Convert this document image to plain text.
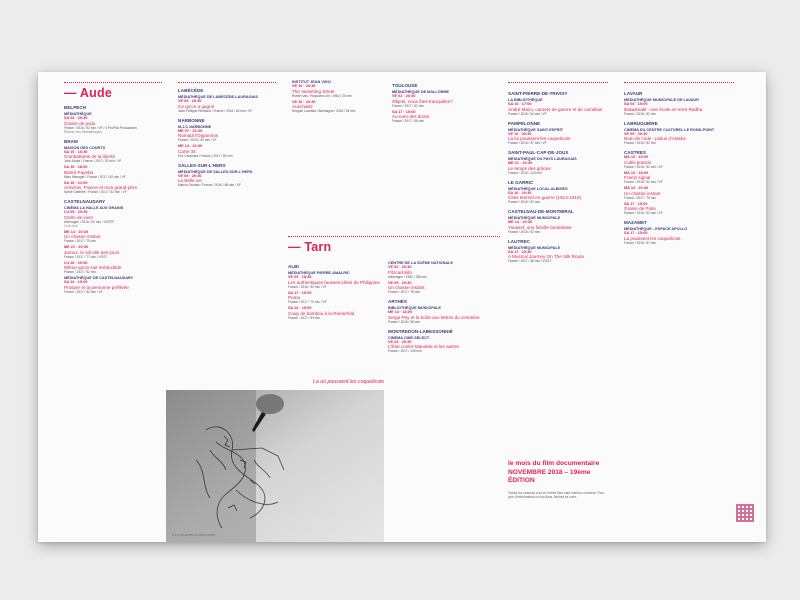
— Aude
BELPECH
MÉDIATHÈQUE
SA 03 · 20:30
Graine de poilu
France / 2016 / 52 min / VF / 4 ProPhic Productions
Réseau des Médiathèques
BRAM
MAISON DES COURTS
SA 10 · 16:30
Combattants de la liberté
José Alcala / France / 2017 / 52 min / VF
SA 10 · 18:00
Bahrè Payeba
Marc Ménager / France / 2017 / 52 min / VF
SA 10 · 21:00
Arménie, France et mon grand-père
Sylvie Gabriele / France / 2017 / 52 min / VF
CASTELNAUDARY
CINÉMA LA HALLE AUX GRAINS
LU 05 · 20:30
Ordre de vivre
Allemagne / 2016 / 92 min / VOSTF
Ciné-club
ME 14 · 20:30
Un chasse instant
France / 2017 / 75 min
ME 21 · 20:30
Jarouz, le sol elle des jours
France / 2017 / 77 min / VOST
LU 26 · 20:30
Même qu'on soit irréductible
France / 2017 / 52 min
MÉDIATHÈQUE DE CASTELNAUDARY
SA 24 · 15:00
Prosper et la personne préférée
France / 2017 / 52 min / VF
LABÉCÈDE
MÉDIATHÈQUE DE LABÉCÈDE-LAURAGAIS
VE 09 · 20:30
Ce qu'on a gagné
Jean-Philippe Rimbaud / France / 2016 / 62 min / VF
NARBONNE
M.J.C NARBONNE
ME 07 · 20:30
Nomadi l'Opponnos
France / 2015 / 60 min / VF
ME 14 · 20:30
Carte 35
Eric Caravaca / France / 2017 / 80 min
SALLES-SUR-L'HERS
MÉDIATHÈQUE DE SALLES-SUR-L'HERS
VE 09 · 20:30
La Belle vie
Marion Gervais / France / 2016 / 68 min / VF
INSTITUT JEAN VIGO
VE 16 · 20:30
The Vanishing Street
Robert Vas / Royaume-Uni / 1962 / 20 min
VE 16 · 20:30
Auschwitz
Sergueï Loznitsa / Allemagne / 2016 / 94 min
TOULOUSE
MÉDIATHÈQUE DE MALLORME
VE 02 · 20:30
Objets, nous êtes tranquilles?
France / 2017 / 62 min
SA 17 · 15:00
Au nom des droits
France / 2017 / 58 min
— Tarn
ALBI
MÉDIATHÈQUE PIERRE-AMALRIC
VE 09 · 18:30
Les authentiques fausses idées de Philippine
France / 2016 / 52 min / VF
SA 17 · 15:00
Puma
France / 2017 / 70 min / VF
SA 24 · 15:00
Coup de bambou à la Reinerfeld
France / 2017 / 53 min
CENTRE DE LA SCÈNE NATIONALE
VE 02 · 20:30
Fitzcarraldo
Allemagne / 1982 / 158 min
VE 09 · 20:30
Un chasse instant
France / 2017 / 75 min
ARTHÈS
BIBLIOTHÈQUE MUNICIPALE
ME 14 · 18:00
Serge Pey et la boîte aux lettres du cimetière
France / 2016 / 55 min
MONTREDON-LABESSONNIÉ
CINÉMA CINÉ-SELECT
VE 23 · 20:30
L'État contre Mandela et les autres
France / 2017 / 105 min
SAINT-PIERRE-DE-TRIVISY
LA BIBLIOTHÈQUE
SA 10 · 17:00
André Mazo, carnets de guerre et de camélias
France / 2016 / 54 min / VF
PAMPELONNE
MÉDIATHÈQUE SAINT-ESPRIT
VE 16 · 20:30
La loi poussent les coquelicots
France / 2016 / 57 min / VF
SAINT-PAUL-CAP-DE-JOUX
MÉDIATHÈQUE DU PAYS LAURAGAIS
ME 21 · 20:30
Le temps des grâces
France / 2010 / 123 min
LE GARRIC
MÉDIATHÈQUE LOCAL ALBIGES
SA 10 · 20:30
Cités éternel en guerre (1914-1918)
France / 2016 / 52 min
CASTELNAU-DE-MONTMIRAL
MÉDIATHÈQUE MUNICIPALE
ME 14 · 20:30
Youssef, une famille bordelaise
France / 2016 / 52 min
LAUTREC
MÉDIATHÈQUE MUNICIPALE
SA 17 · 20:30
A Musical Journey On The Silk Route
France / 2017 / 58 min / VOST
le mois du film documentaire
NOVEMBRE 2018 – 19ème ÉDITION
Toutes les séances sont en entrée libre sauf mention contraire. Pour plus d'informations sur les films, flashez ce code.
LAVAUR
MÉDIATHÈQUE MUNICIPALE DE LAVAUR
SA 03 · 15:00
Bakalimalé : une école en terre Radha
France / 2016 / 52 min
LABRUGUIÈRE
CINÉMA DU CENTRE CULTUREL LE ROND-POINT
VE 09 · 20:30
Nom de code : poilus d'Alaska
France / 2016 / 52 min
CASTRES
MA 13 · 15:30
Cultis praticis
France / 2016 / 52 min / VF
MA 13 · 18:00
Frantz signal
France / 2016 / 52 min / VF
MA 13 · 20:30
Un chasse instant
France / 2017 / 75 min
SA 17 · 15:00
Graine de Poilu
France / 2016 / 52 min / VF
MAZAMET
MÉDIATHÈQUE - ESPACE APOLLO
SA 17 · 15:00
La poussent les coquelicots
France / 2016 / 57 min
La où poussent les coquelicots
© LA JOUANTE DU DISCOURS
